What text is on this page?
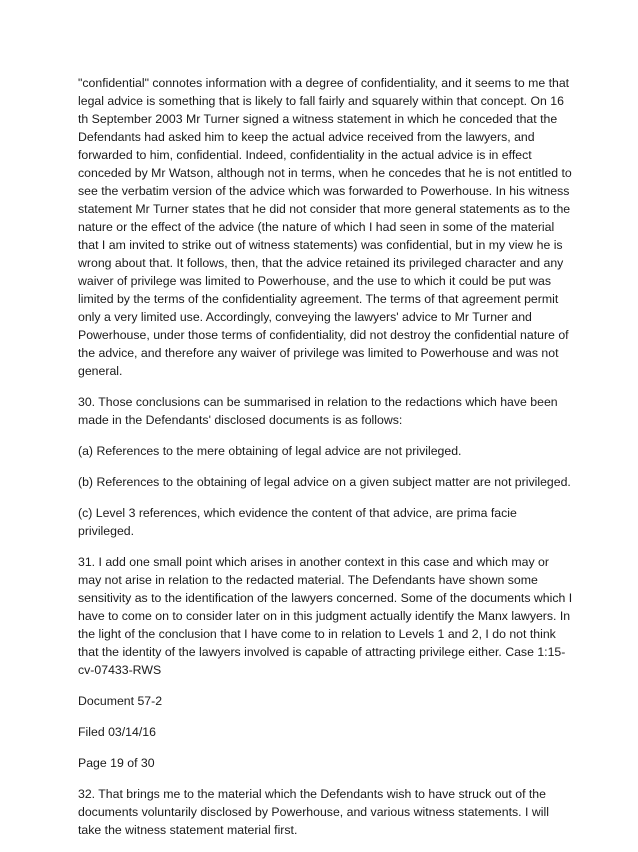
"confidential" connotes information with a degree of confidentiality, and it seems to me that legal advice is something that is likely to fall fairly and squarely within that concept. On 16 th September 2003 Mr Turner signed a witness statement in which he conceded that the Defendants had asked him to keep the actual advice received from the lawyers, and forwarded to him, confidential. Indeed, confidentiality in the actual advice is in effect conceded by Mr Watson, although not in terms, when he concedes that he is not entitled to see the verbatim version of the advice which was forwarded to Powerhouse. In his witness statement Mr Turner states that he did not consider that more general statements as to the nature or the effect of the advice (the nature of which I had seen in some of the material that I am invited to strike out of witness statements) was confidential, but in my view he is wrong about that. It follows, then, that the advice retained its privileged character and any waiver of privilege was limited to Powerhouse, and the use to which it could be put was limited by the terms of the confidentiality agreement. The terms of that agreement permit only a very limited use. Accordingly, conveying the lawyers' advice to Mr Turner and Powerhouse, under those terms of confidentiality, did not destroy the confidential nature of the advice, and therefore any waiver of privilege was limited to Powerhouse and was not general.

30. Those conclusions can be summarised in relation to the redactions which have been made in the Defendants' disclosed documents is as follows:

(a) References to the mere obtaining of legal advice are not privileged.

(b) References to the obtaining of legal advice on a given subject matter are not privileged.

(c) Level 3 references, which evidence the content of that advice, are prima facie privileged.

31. I add one small point which arises in another context in this case and which may or may not arise in relation to the redacted material. The Defendants have shown some sensitivity as to the identification of the lawyers concerned. Some of the documents which I have to come on to consider later on in this judgment actually identify the Manx lawyers. In the light of the conclusion that I have come to in relation to Levels 1 and 2, I do not think that the identity of the lawyers involved is capable of attracting privilege either. Case 1:15-cv-07433-RWS

Document 57-2

Filed 03/14/16

Page 19 of 30

32. That brings me to the material which the Defendants wish to have struck out of the documents voluntarily disclosed by Powerhouse, and various witness statements. I will take the witness statement material first.
